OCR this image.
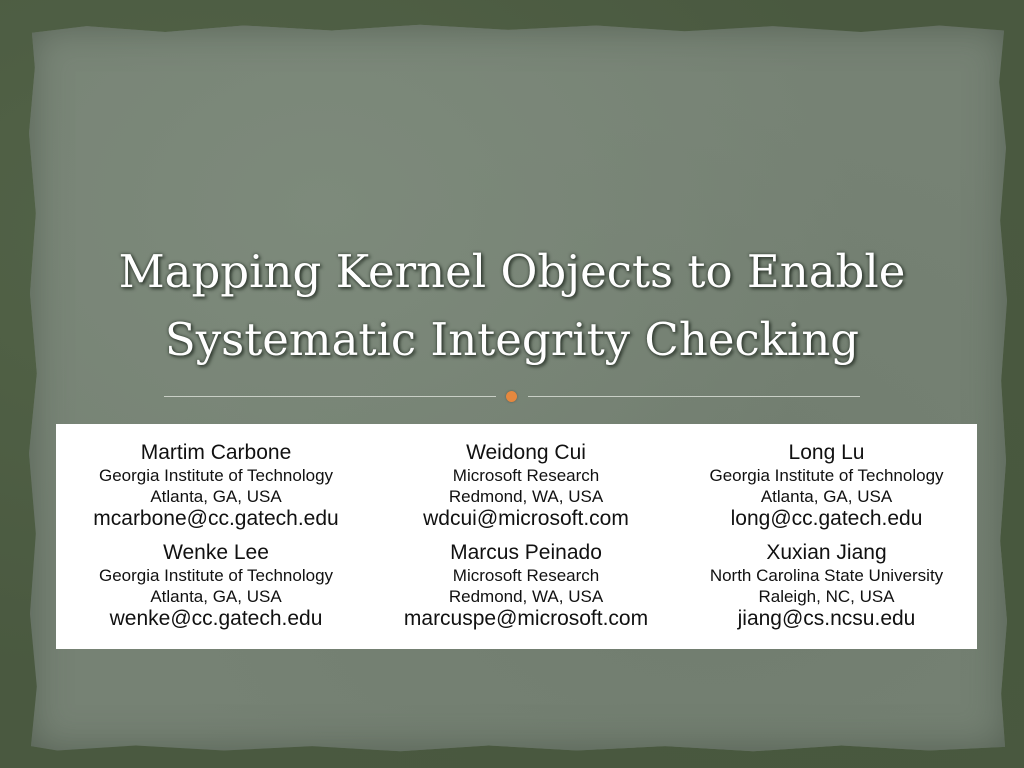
Mapping Kernel Objects to Enable
Systematic Integrity Checking
Martim Carbone
Georgia Institute of Technology
Atlanta, GA, USA
mcarbone@cc.gatech.edu
Weidong Cui
Microsoft Research
Redmond, WA, USA
wdcui@microsoft.com
Long Lu
Georgia Institute of Technology
Atlanta, GA, USA
long@cc.gatech.edu
Wenke Lee
Georgia Institute of Technology
Atlanta, GA, USA
wenke@cc.gatech.edu
Marcus Peinado
Microsoft Research
Redmond, WA, USA
marcuspe@microsoft.com
Xuxian Jiang
North Carolina State University
Raleigh, NC, USA
jiang@cs.ncsu.edu
